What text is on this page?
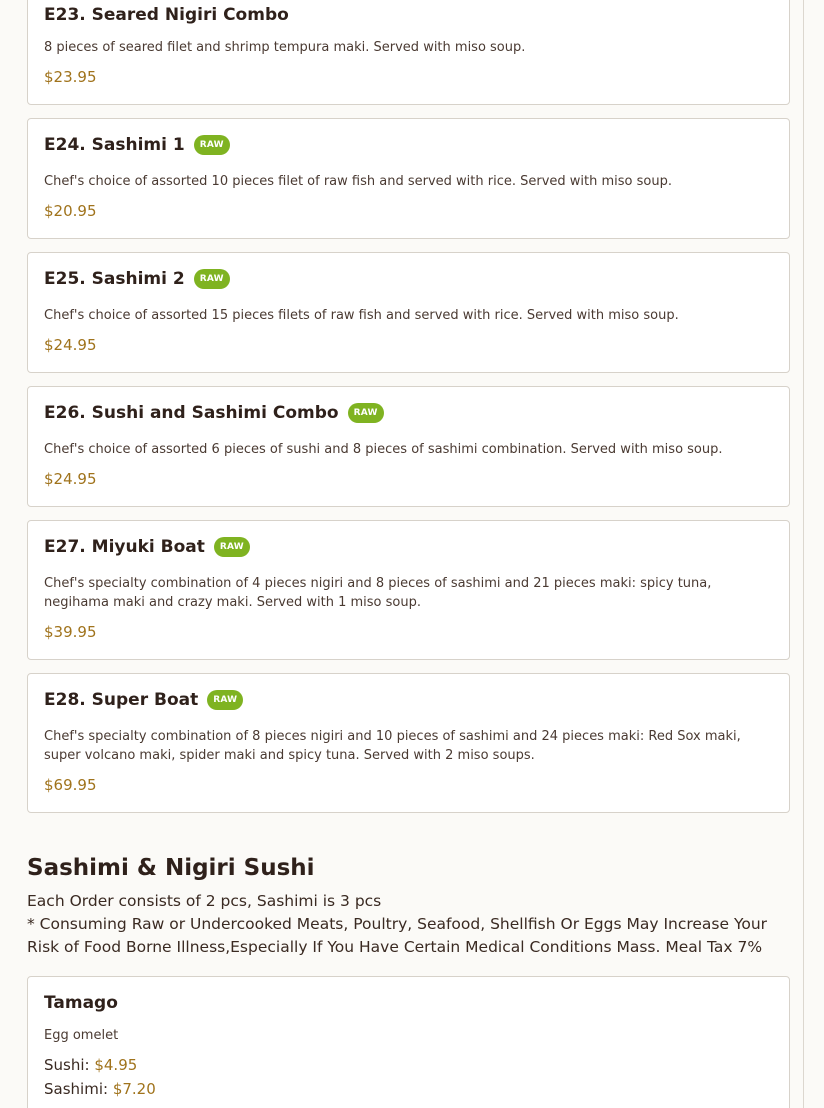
E23. Seared Nigiri Combo
8 pieces of seared filet and shrimp tempura maki. Served with miso soup.
$23.95
E24. Sashimi 1	RAW
Chef's choice of assorted 10 pieces filet of raw fish and served with rice. Served with miso soup.
$20.95
E25. Sashimi 2	RAW
Chef's choice of assorted 15 pieces filets of raw fish and served with rice. Served with miso soup.
$24.95
E26. Sushi and Sashimi Combo	RAW
Chef's choice of assorted 6 pieces of sushi and 8 pieces of sashimi combination. Served with miso soup.
$24.95
E27. Miyuki Boat	RAW
Chef's specialty combination of 4 pieces nigiri and 8 pieces of sashimi and 21 pieces maki: spicy tuna, negihama maki and crazy maki. Served with 1 miso soup.
$39.95
E28. Super Boat	RAW
Chef's specialty combination of 8 pieces nigiri and 10 pieces of sashimi and 24 pieces maki: Red Sox maki, super volcano maki, spider maki and spicy tuna. Served with 2 miso soups.
$69.95
Sashimi & Nigiri Sushi
Each Order consists of 2 pcs, Sashimi is 3 pcs
* Consuming Raw or Undercooked Meats, Poultry, Seafood, Shellfish Or Eggs May Increase Your Risk of Food Borne Illness,Especially If You Have Certain Medical Conditions Mass. Meal Tax 7%
Tamago
Egg omelet
Sushi: $4.95
Sashimi: $7.20
